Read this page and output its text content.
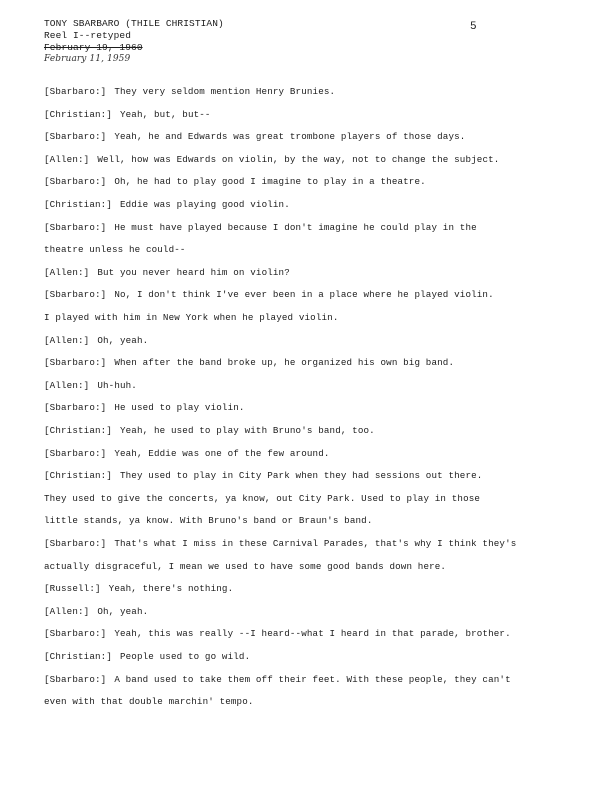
TONY SBARBARO (THILE CHRISTIAN)
Reel I--retyped
February 19, 1960
February 11, 1959
5
[ Sbarbaro :] They very seldom mention Henry Brunies.
[ Christian :] Yeah, but, but--
[ Sbarbaro :] Yeah, he and Edwards was great trombone players of those days.
[ Allen :] Well, how was Edwards on violin, by the way, not to change the subject.
[ Sbarbaro :] Oh, he had to play good I imagine to play in a theatre.
[ Christian :] Eddie was playing good violin.
[ Sbarbaro :] He must have played because I don't imagine he could play in the
theatre unless he could--
[ Allen :] But you never heard him on violin?
[ Sbarbaro :] No, I don't think I've ever been in a place where he played violin.
I played with him in New York when he played violin.
[ Allen :] Oh, yeah.
[ Sbarbaro :] When after the band broke up, he organized his own big band.
[ Allen :] Uh-huh.
[ Sbarbaro :] He used to play violin.
[ Christian :] Yeah, he used to play with Bruno's band, too.
[ Sbarbaro :] Yeah, Eddie was one of the few around.
[ Christian :] They used to play in City Park when they had sessions out there.
They used to give the concerts, ya know, out City Park. Used to play in those
little stands, ya know. With Bruno's band or Braun's band.
[ Sbarbaro :] That's what I miss in these Carnival Parades, that's why I think they's
actually disgraceful, I mean we used to have some good bands down here.
[ Russell :] Yeah, there's nothing.
[ Allen :] Oh, yeah.
[ Sbarbaro :] Yeah, this was really --I heard--what I heard in that parade, brother.
[ Christian :] People used to go wild.
[ Sbarbaro :] A band used to take them off their feet. With these people, they can't
even with that double marchin' tempo.
